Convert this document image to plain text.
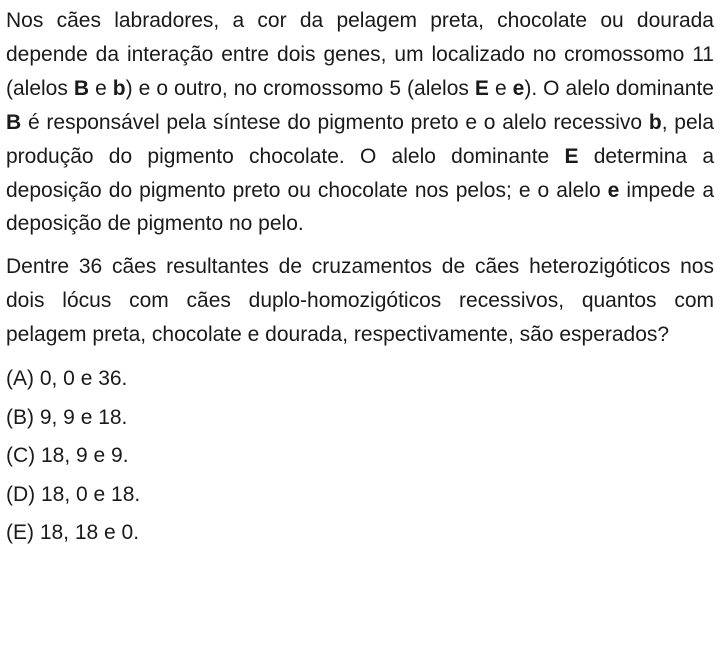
Nos cães labradores, a cor da pelagem preta, chocolate ou dourada depende da interação entre dois genes, um localizado no cromossomo 11 (alelos B e b) e o outro, no cromossomo 5 (alelos E e e). O alelo dominante B é responsável pela síntese do pigmento preto e o alelo recessivo b, pela produção do pigmento chocolate. O alelo dominante E determina a deposição do pigmento preto ou chocolate nos pelos; e o alelo e impede a deposição de pigmento no pelo.

Dentre 36 cães resultantes de cruzamentos de cães heterozigóticos nos dois lócus com cães duplo-homozigóticos recessivos, quantos com pelagem preta, chocolate e dourada, respectivamente, são esperados?

(A) 0, 0 e 36.
(B) 9, 9 e 18.
(C) 18, 9 e 9.
(D) 18, 0 e 18.
(E) 18, 18 e 0.
